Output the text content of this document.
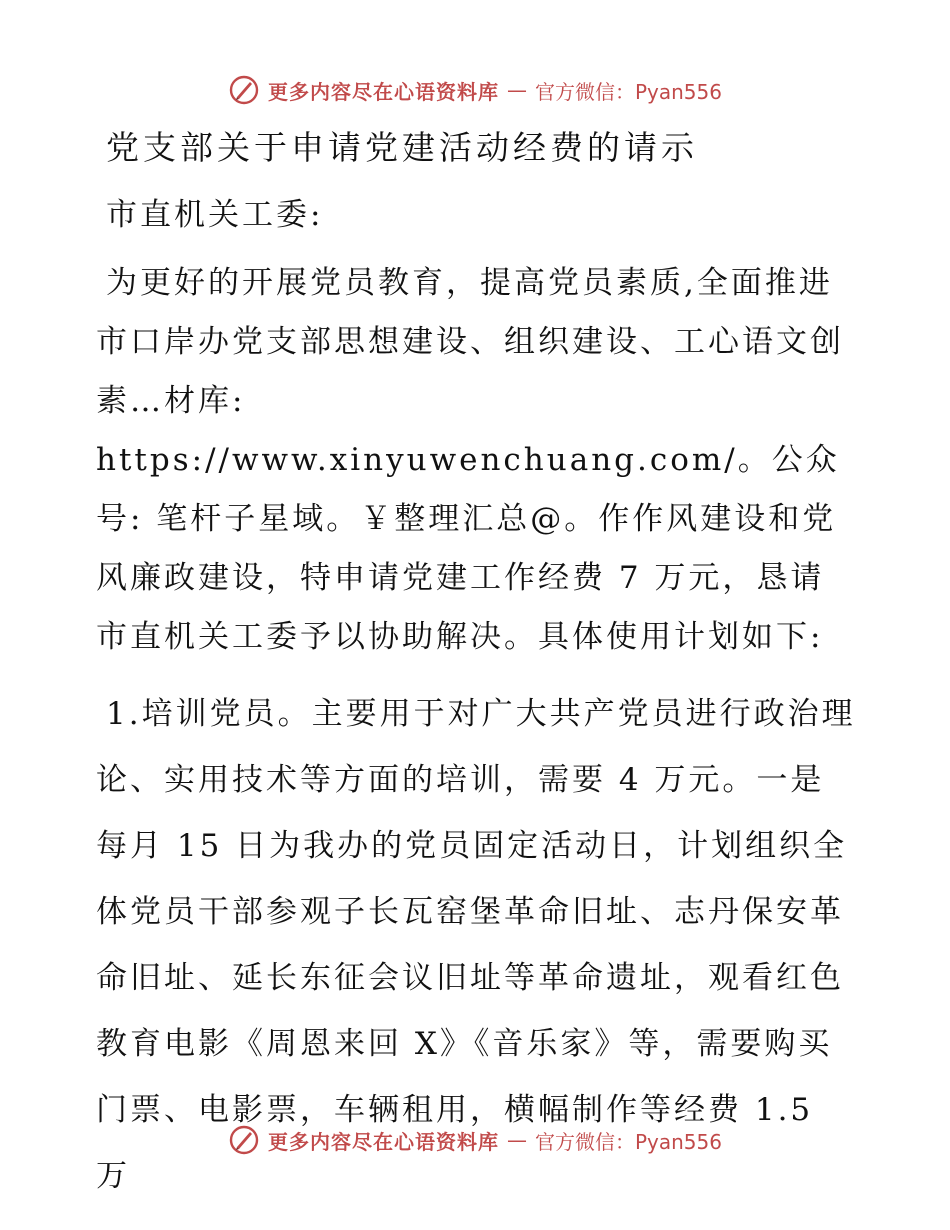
更多内容尽在心语资料库 — 官方微信：Pyan556
党支部关于申请党建活动经费的请示
市直机关工委:
为更好的开展党员教育，提高党员素质,全面推进市口岸办党支部思想建设、组织建设、工心语文创素…材库: https://www.xinyuwenchuang.com/。公众号: 笔杆子星域。￥整理汇总@。作作风建设和党风廉政建设，特申请党建工作经费 7 万元，恳请市直机关工委予以协助解决。具体使用计划如下:
1.培训党员。主要用于对广大共产党员进行政治理论、实用技术等方面的培训，需要 4 万元。一是每月 15 日为我办的党员固定活动日，计划组织全体党员干部参观子长瓦窑堡革命旧址、志丹保安革命旧址、延长东征会议旧址等革命遗址，观看红色教育电影《周恩来回 X》《音乐家》等，需要购买门票、电影票，车辆租用，横幅制作等经费 1.5 万
更多内容尽在心语资料库 — 官方微信：Pyan556
